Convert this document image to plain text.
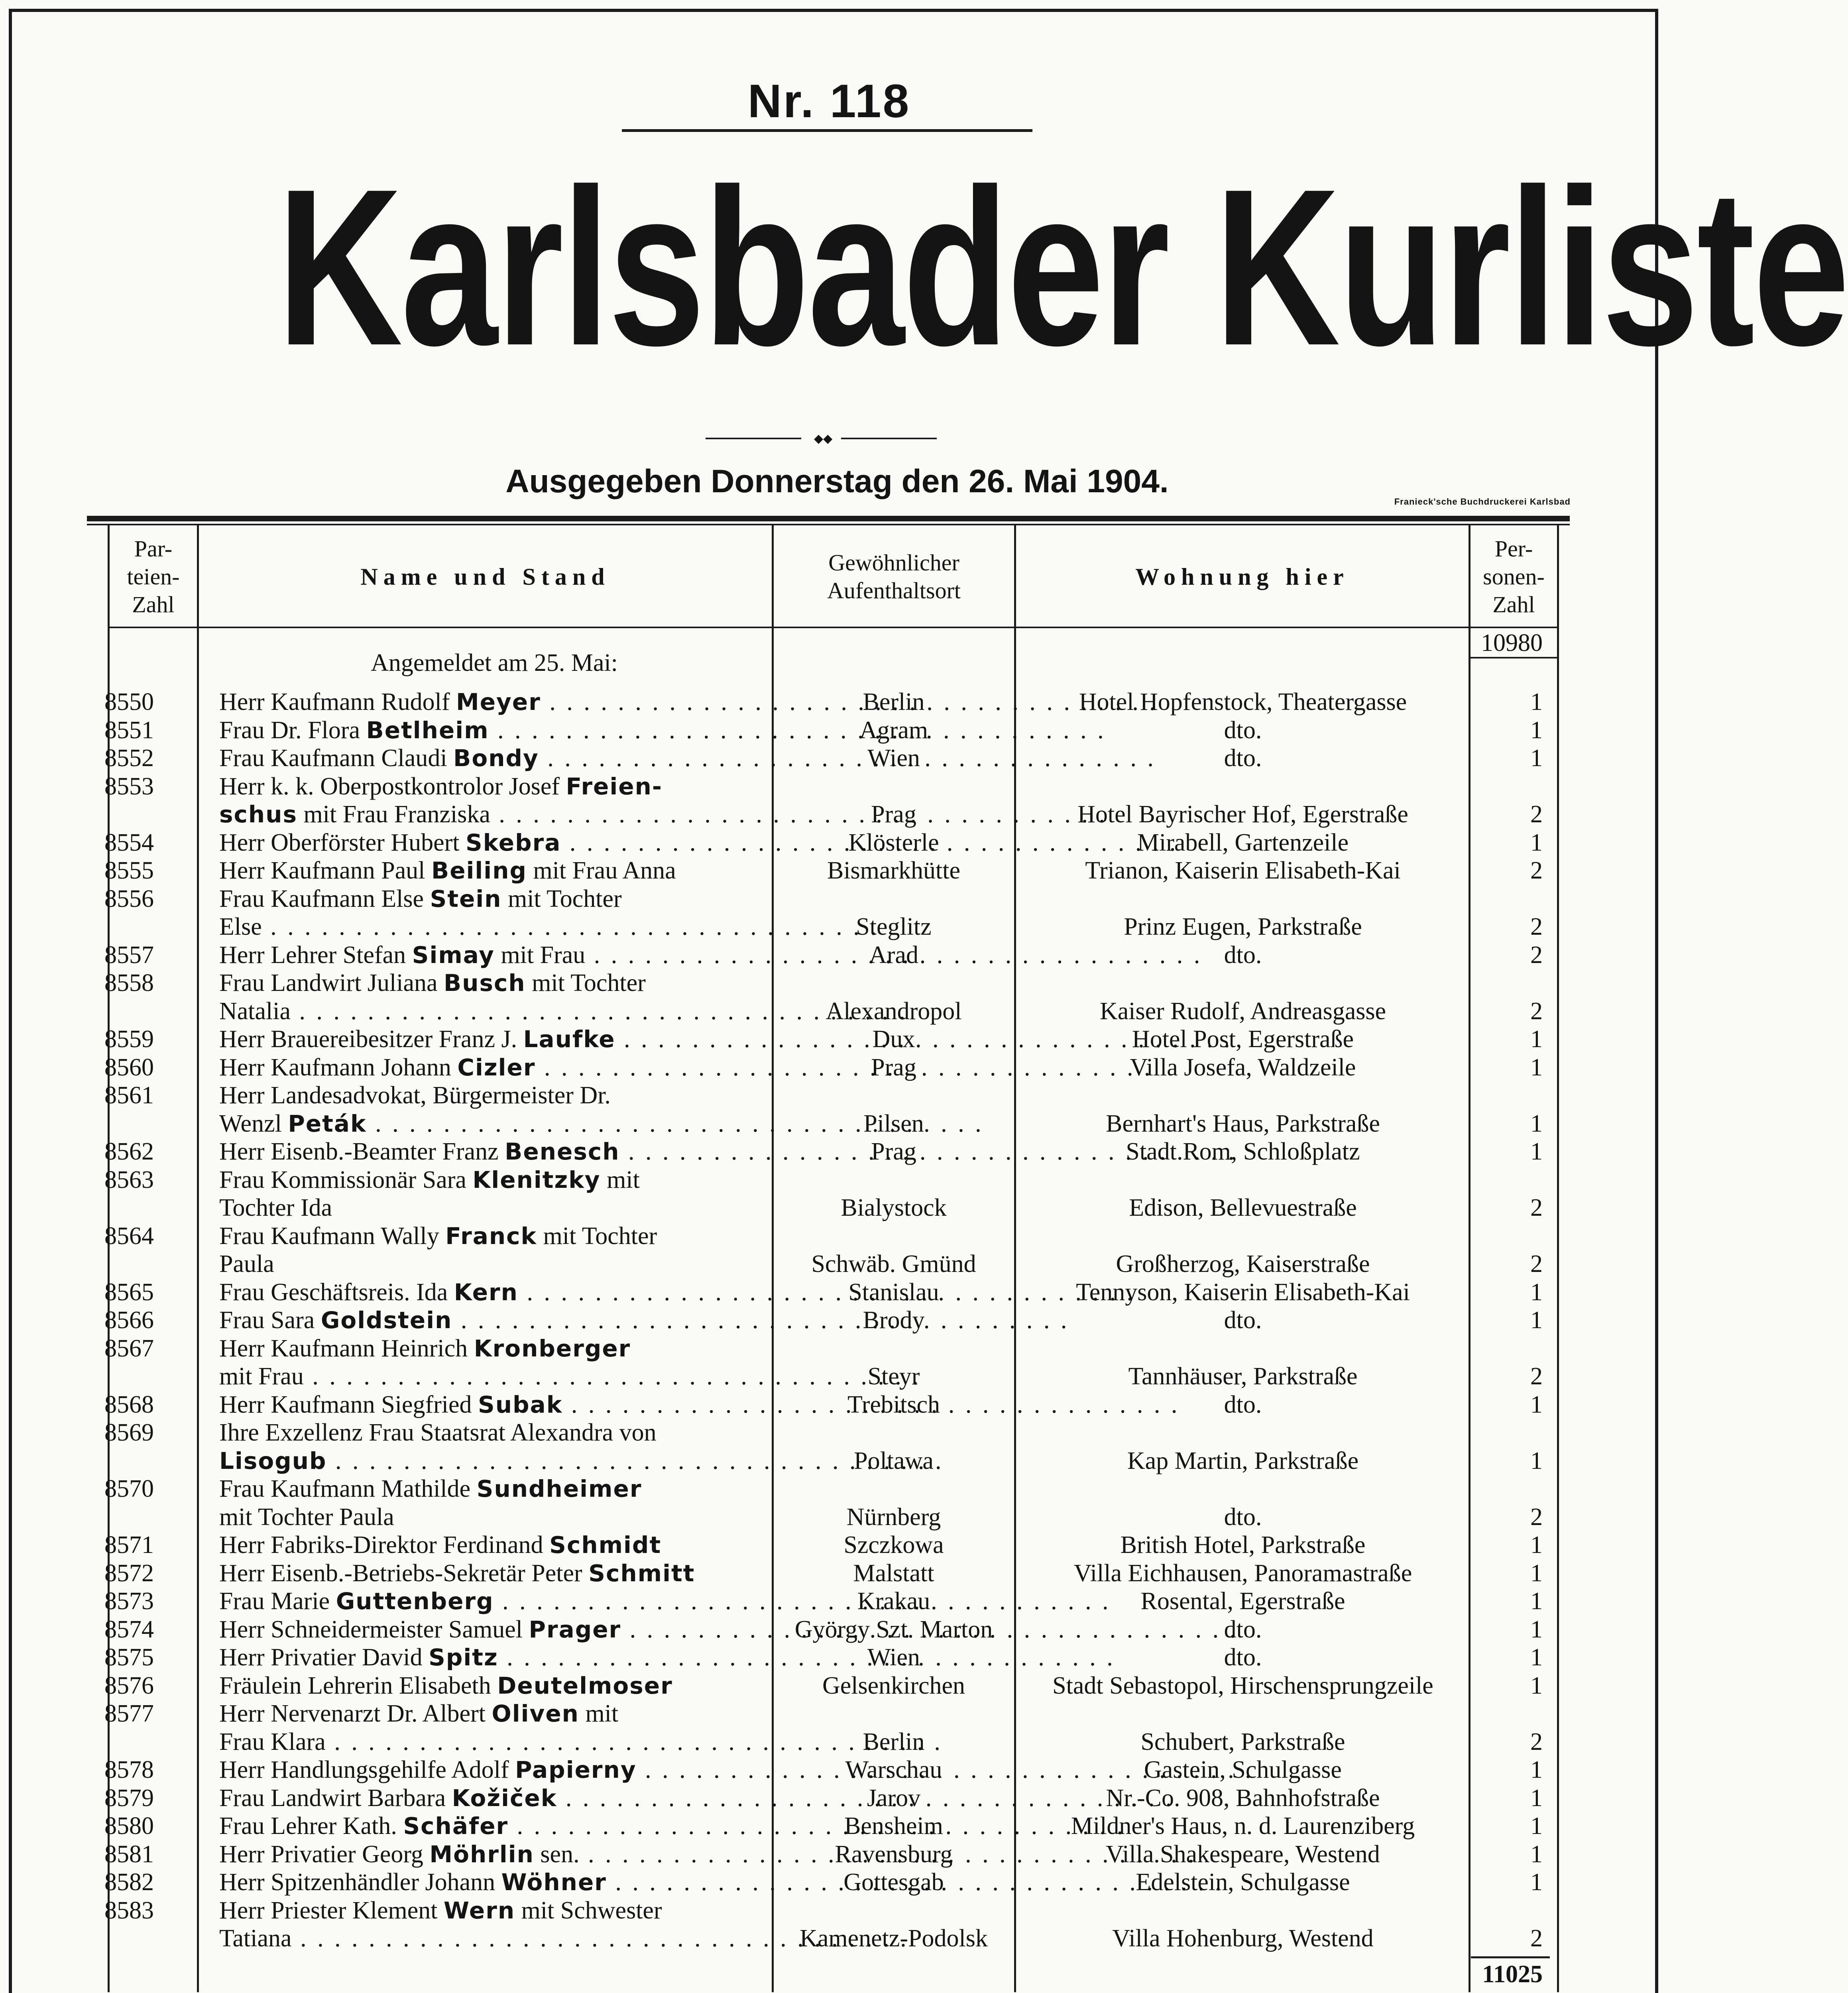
Nr. 118
Karlsbader Kurliste
◆◆
Ausgegeben Donnerstag den 26. Mai 1904.
Franieck'sche Buchdruckerei Karlsbad
Par-
teien-
Zahl
Name und Stand
Gewöhnlicher
Aufenthaltsort
Wohnung hier
Per-
sonen-
Zahl
10980
Angemeldet am 25. Mai:
8550	Herr Kaufmann Rudolf Meyer . . .	Berlin	Hotel Hopfenstock, Theatergasse	1
8551	Frau Dr. Flora Betlheim . . .	Agram	dto.	1
8552	Frau Kaufmann Claudi Bondy . . .	Wien	dto.	1
8553	Herr k. k. Oberpostkontrolor Josef Freien-
schus mit Frau Franziska . . .	Prag	Hotel Bayrischer Hof, Egerstraße	2
8554	Herr Oberförster Hubert Skebra . . .	Klösterle	Mirabell, Gartenzeile	1
8555	Herr Kaufmann Paul Beiling mit Frau Anna	Bismarkhütte	Trianon, Kaiserin Elisabeth-Kai	2
8556	Frau Kaufmann Else Stein mit Tochter
Else . . .	Steglitz	Prinz Eugen, Parkstraße	2
8557	Herr Lehrer Stefan Simay mit Frau . . .	Arad	dto.	2
8558	Frau Landwirt Juliana Busch mit Tochter
Natalia . . .	Alexandropol	Kaiser Rudolf, Andreasgasse	2
8559	Herr Brauereibesitzer Franz J. Laufke . . .	Dux	Hotel Post, Egerstraße	1
8560	Herr Kaufmann Johann Cizler . . .	Prag	Villa Josefa, Waldzeile	1
8561	Herr Landesadvokat, Bürgermeister Dr.
Wenzl Peták . . .	Pilsen	Bernhart's Haus, Parkstraße	1
8562	Herr Eisenb.-Beamter Franz Benesch . . .	Prag	Stadt Rom, Schloßplatz	1
8563	Frau Kommissionär Sara Klenitzky mit
Tochter Ida	Bialystock	Edison, Bellevuestraße	2
8564	Frau Kaufmann Wally Franck mit Tochter
Paula	Schwäb. Gmünd	Großherzog, Kaiserstraße	2
8565	Frau Geschäftsreis. Ida Kern . . .	Stanislau	Tennyson, Kaiserin Elisabeth-Kai	1
8566	Frau Sara Goldstein . . .	Brody	dto.	1
8567	Herr Kaufmann Heinrich Kronberger
mit Frau . . .	Steyr	Tannhäuser, Parkstraße	2
8568	Herr Kaufmann Siegfried Subak . . .	Trebitsch	dto.	1
8569	Ihre Exzellenz Frau Staatsrat Alexandra von
Lisogub . . .	Poltawa	Kap Martin, Parkstraße	1
8570	Frau Kaufmann Mathilde Sundheimer
mit Tochter Paula	Nürnberg	dto.	2
8571	Herr Fabriks-Direktor Ferdinand Schmidt	Szczkowa	British Hotel, Parkstraße	1
8572	Herr Eisenb.-Betriebs-Sekretär Peter Schmitt	Malstatt	Villa Eichhausen, Panoramastraße	1
8573	Frau Marie Guttenberg . . .	Krakau	Rosental, Egerstraße	1
8574	Herr Schneidermeister Samuel Prager . . .	György Szt. Marton	dto.	1
8575	Herr Privatier David Spitz . . .	Wien	dto.	1
8576	Fräulein Lehrerin Elisabeth Deutelmoser	Gelsenkirchen	Stadt Sebastopol, Hirschensprungzeile	1
8577	Herr Nervenarzt Dr. Albert Oliven mit
Frau Klara . . .	Berlin	Schubert, Parkstraße	2
8578	Herr Handlungsgehilfe Adolf Papierny . . .	Warschau	Gastein, Schulgasse	1
8579	Frau Landwirt Barbara Kožiček . . .	Jarov	Nr.-Co. 908, Bahnhofstraße	1
8580	Frau Lehrer Kath. Schäfer . . .	Bensheim	Mildner's Haus, n. d. Laurenziberg	1
8581	Herr Privatier Georg Möhrlin sen. . . .	Ravensburg	Villa Shakespeare, Westend	1
8582	Herr Spitzenhändler Johann Wöhner . . .	Gottesgab	Edelstein, Schulgasse	1
8583	Herr Priester Klement Wern mit Schwester
Tatiana . . .	Kamenetz-Podolsk	Villa Hohenburg, Westend	2
11025
